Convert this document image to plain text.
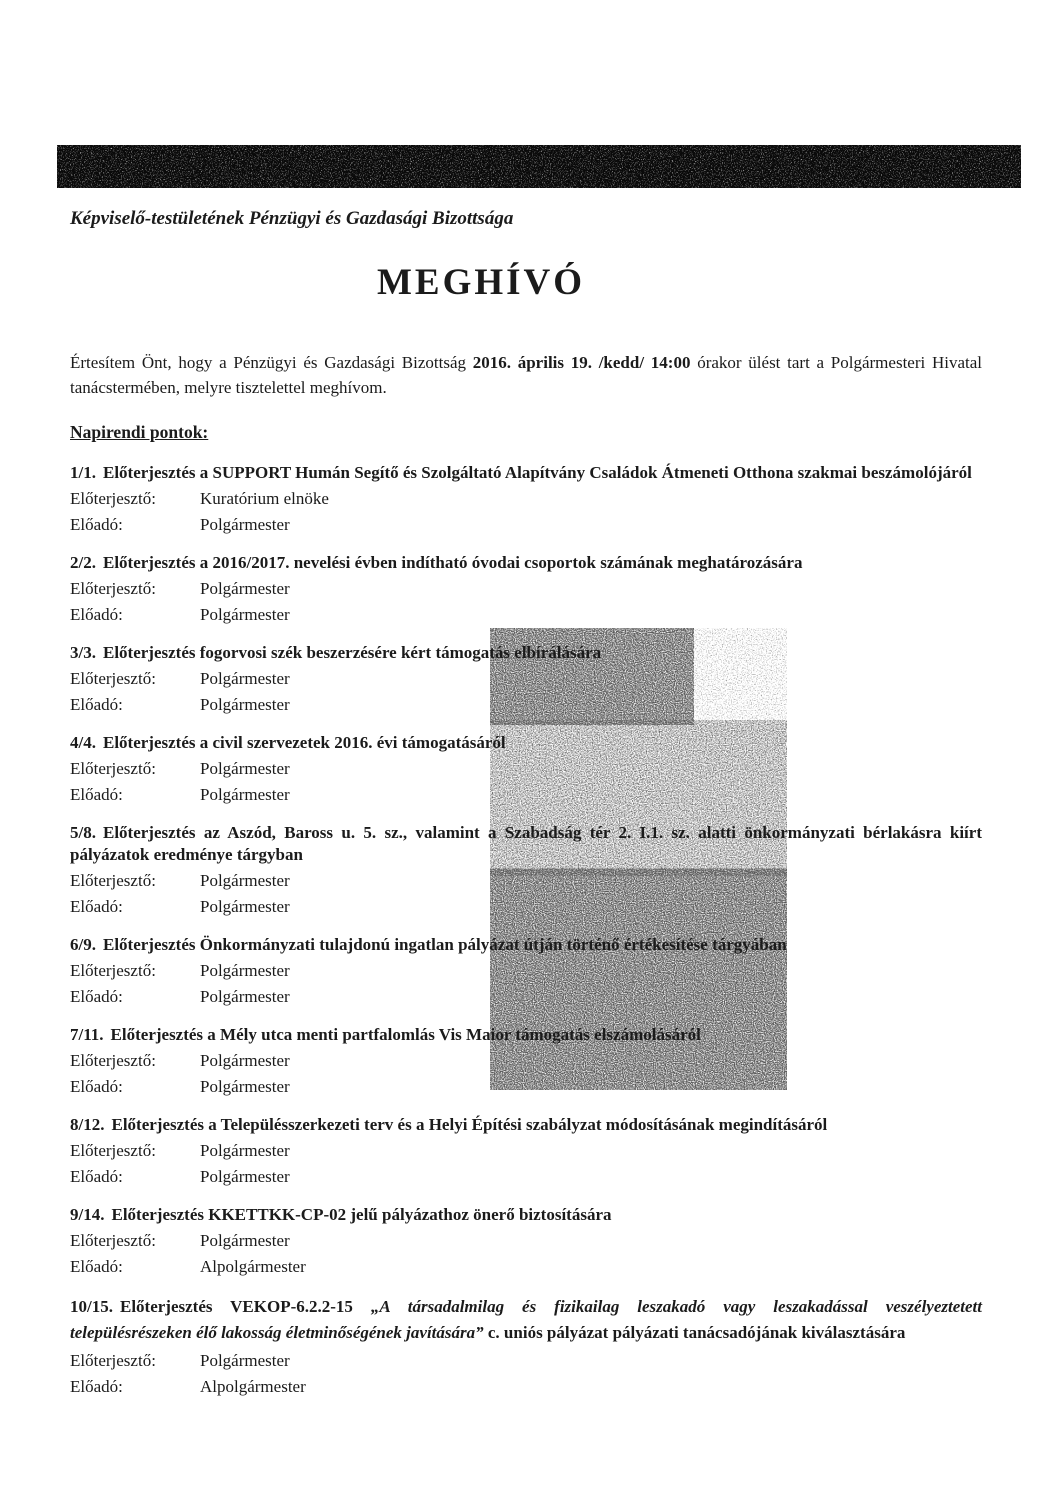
Képviselő-testületének Pénzügyi és Gazdasági Bizottsága
MEGHÍVÓ

Értesítem Önt, hogy a Pénzügyi és Gazdasági Bizottság 2016. április 19. /kedd/ 14:00 órakor ülést tart a Polgármesteri Hivatal tanácstermében, melyre tisztelettel meghívom.

Napirendi pontok:
1/1. Előterjesztés a SUPPORT Humán Segítő és Szolgáltató Alapítvány Családok Átmeneti Otthona szakmai beszámolójáról
Előterjesztő:	Kuratórium elnöke
Előadó:	Polgármester
2/2. Előterjesztés a 2016/2017. nevelési évben indítható óvodai csoportok számának meghatározására
Előterjesztő:	Polgármester
Előadó:	Polgármester
3/3. Előterjesztés fogorvosi szék beszerzésére kért támogatás elbírálására
Előterjesztő:	Polgármester
Előadó:	Polgármester
4/4. Előterjesztés a civil szervezetek 2016. évi támogatásáról
Előterjesztő:	Polgármester
Előadó:	Polgármester
5/8. Előterjesztés az Aszód, Baross u. 5. sz., valamint a Szabadság tér 2. I.1. sz. alatti önkormányzati bérlakásra kiírt pályázatok eredménye tárgyban
Előterjesztő:	Polgármester
Előadó:	Polgármester
6/9. Előterjesztés Önkormányzati tulajdonú ingatlan pályázat útján történő értékesítése tárgyában
Előterjesztő:	Polgármester
Előadó:	Polgármester
7/11. Előterjesztés a Mély utca menti partfalomlás Vis Maior támogatás elszámolásáról
Előterjesztő:	Polgármester
Előadó:	Polgármester
8/12. Előterjesztés a Településszerkezeti terv és a Helyi Építési szabályzat módosításának megindításáról
Előterjesztő:	Polgármester
Előadó:	Polgármester
9/14. Előterjesztés KKETTKK-CP-02 jelű pályázathoz önerő biztosítására
Előterjesztő:	Polgármester
Előadó:	Alpolgármester
10/15. Előterjesztés VEKOP-6.2.2-15 „A társadalmilag és fizikailag leszakadó vagy leszakadással veszélyeztetett településrészeken élő lakosság életminőségének javítására” c. uniós pályázat pályázati tanácsadójának kiválasztására
Előterjesztő:	Polgármester
Előadó:	Alpolgármester
